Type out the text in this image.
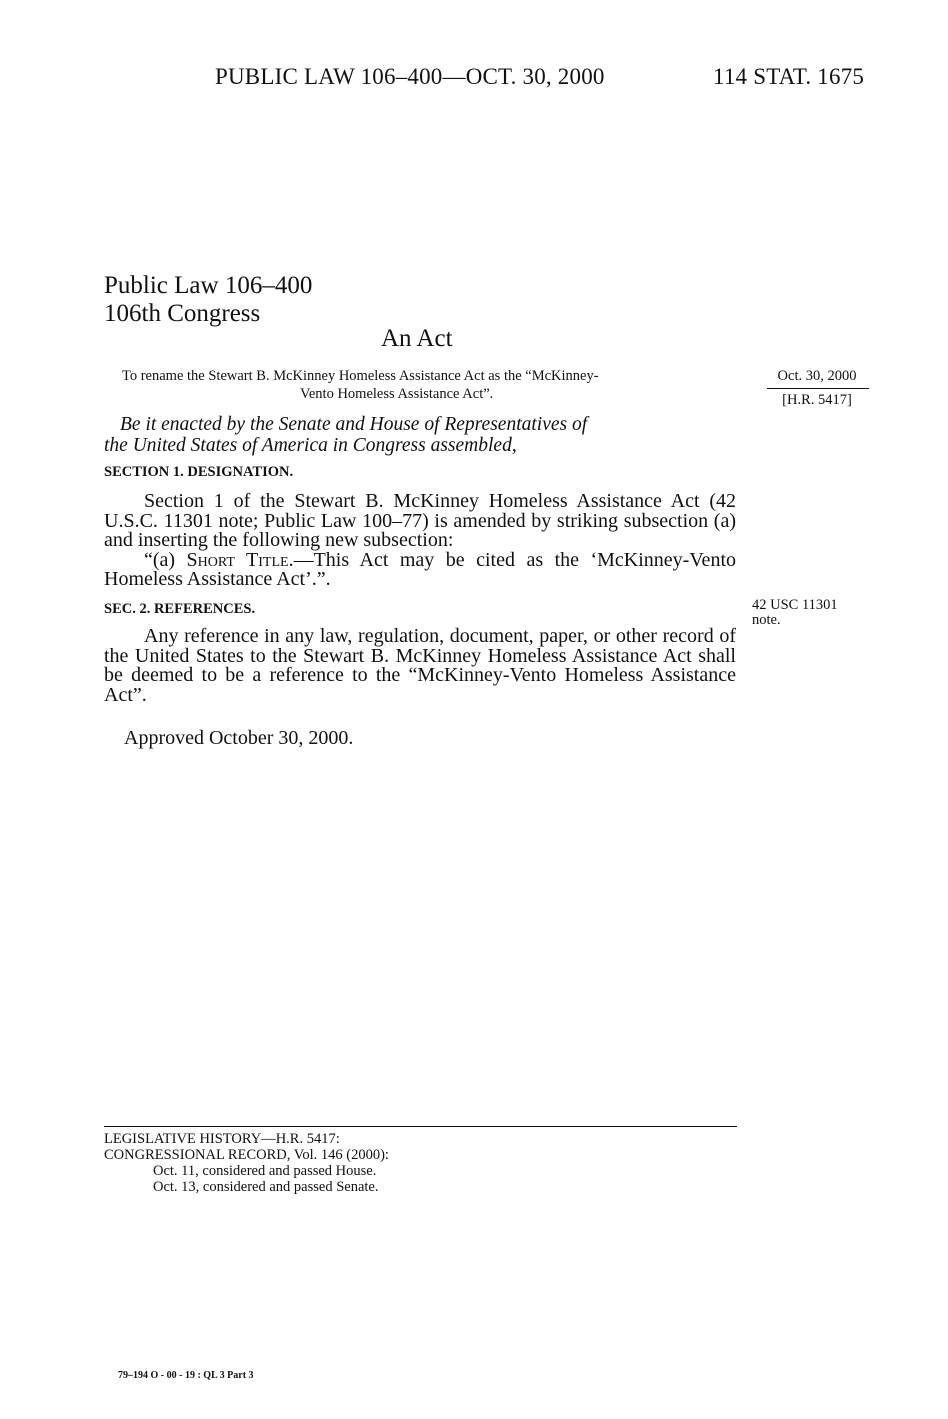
PUBLIC LAW 106–400—OCT. 30, 2000	114 STAT. 1675
Public Law 106–400
106th Congress
An Act
To rename the Stewart B. McKinney Homeless Assistance Act as the “McKinney-
Vento Homeless Assistance Act”.
Oct. 30, 2000
[H.R. 5417]
Be it enacted by the Senate and House of Representatives of
the United States of America in Congress assembled,
SECTION 1. DESIGNATION.

Section 1 of the Stewart B. McKinney Homeless Assistance Act (42 U.S.C. 11301 note; Public Law 100–77) is amended by striking subsection (a) and inserting the following new subsection:

“(a) Short Title.—This Act may be cited as the ‘McKinney-Vento Homeless Assistance Act’.”.

SEC. 2. REFERENCES.

Any reference in any law, regulation, document, paper, or other record of the United States to the Stewart B. McKinney Homeless Assistance Act shall be deemed to be a reference to the “McKinney-Vento Homeless Assistance Act”.

42 USC 11301
note.
Approved October 30, 2000.
LEGISLATIVE HISTORY—H.R. 5417:
CONGRESSIONAL RECORD, Vol. 146 (2000):
Oct. 11, considered and passed House.
Oct. 13, considered and passed Senate.
79–194 O - 00 - 19 : QL 3 Part 3
